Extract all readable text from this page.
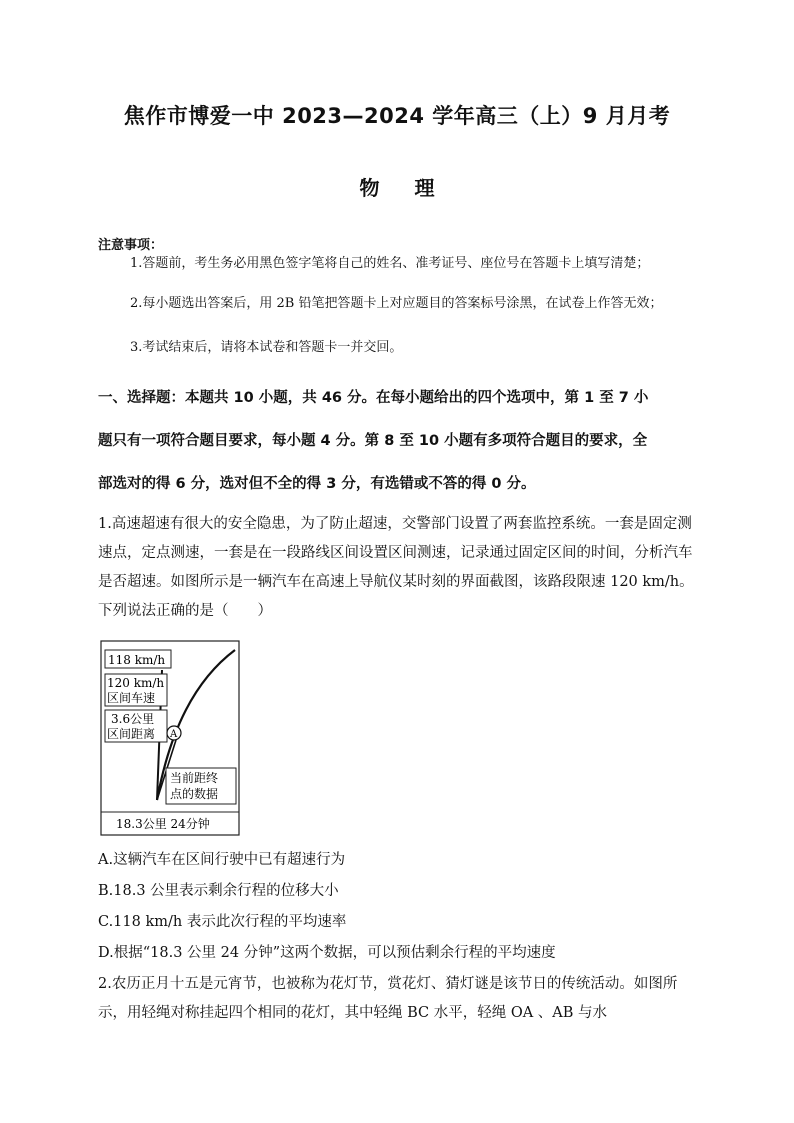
焦作市博爱一中 2023—2024 学年高三（上）9 月月考
物 理
注意事项：
1.答题前，考生务必用黑色签字笔将自己的姓名、准考证号、座位号在答题卡上填写清楚；
2.每小题选出答案后，用 2B 铅笔把答题卡上对应题目的答案标号涂黑，在试卷上作答无效；
3.考试结束后，请将本试卷和答题卡一并交回。
一、选择题：本题共 10 小题，共 46 分。在每小题给出的四个选项中，第 1 至 7 小
题只有一项符合题目要求，每小题 4 分。第 8 至 10 小题有多项符合题目的要求，全
部选对的得 6 分，选对但不全的得 3 分，有选错或不答的得 0 分。
1.高速超速有很大的安全隐患，为了防止超速，交警部门设置了两套监控系统。一套是固定测速点，定点测速，一套是在一段路线区间设置区间测速，记录通过固定区间的时间，分析汽车是否超速。如图所示是一辆汽车在高速上导航仪某时刻的界面截图，该路段限速 120 km/h。下列说法正确的是（　　）
118 km/h
120 km/h
区间车速
3.6公里
区间距离 A
当前距终
点的数据
18.3公里 24分钟
A.这辆汽车在区间行驶中已有超速行为
B.18.3 公里表示剩余行程的位移大小
C.118 km/h 表示此次行程的平均速率
D.根据“18.3 公里 24 分钟”这两个数据，可以预估剩余行程的平均速度
2.农历正月十五是元宵节，也被称为花灯节，赏花灯、猜灯谜是该节日的传统活动。如图所示，用轻绳对称挂起四个相同的花灯，其中轻绳 BC 水平，轻绳 OA 、AB 与水
